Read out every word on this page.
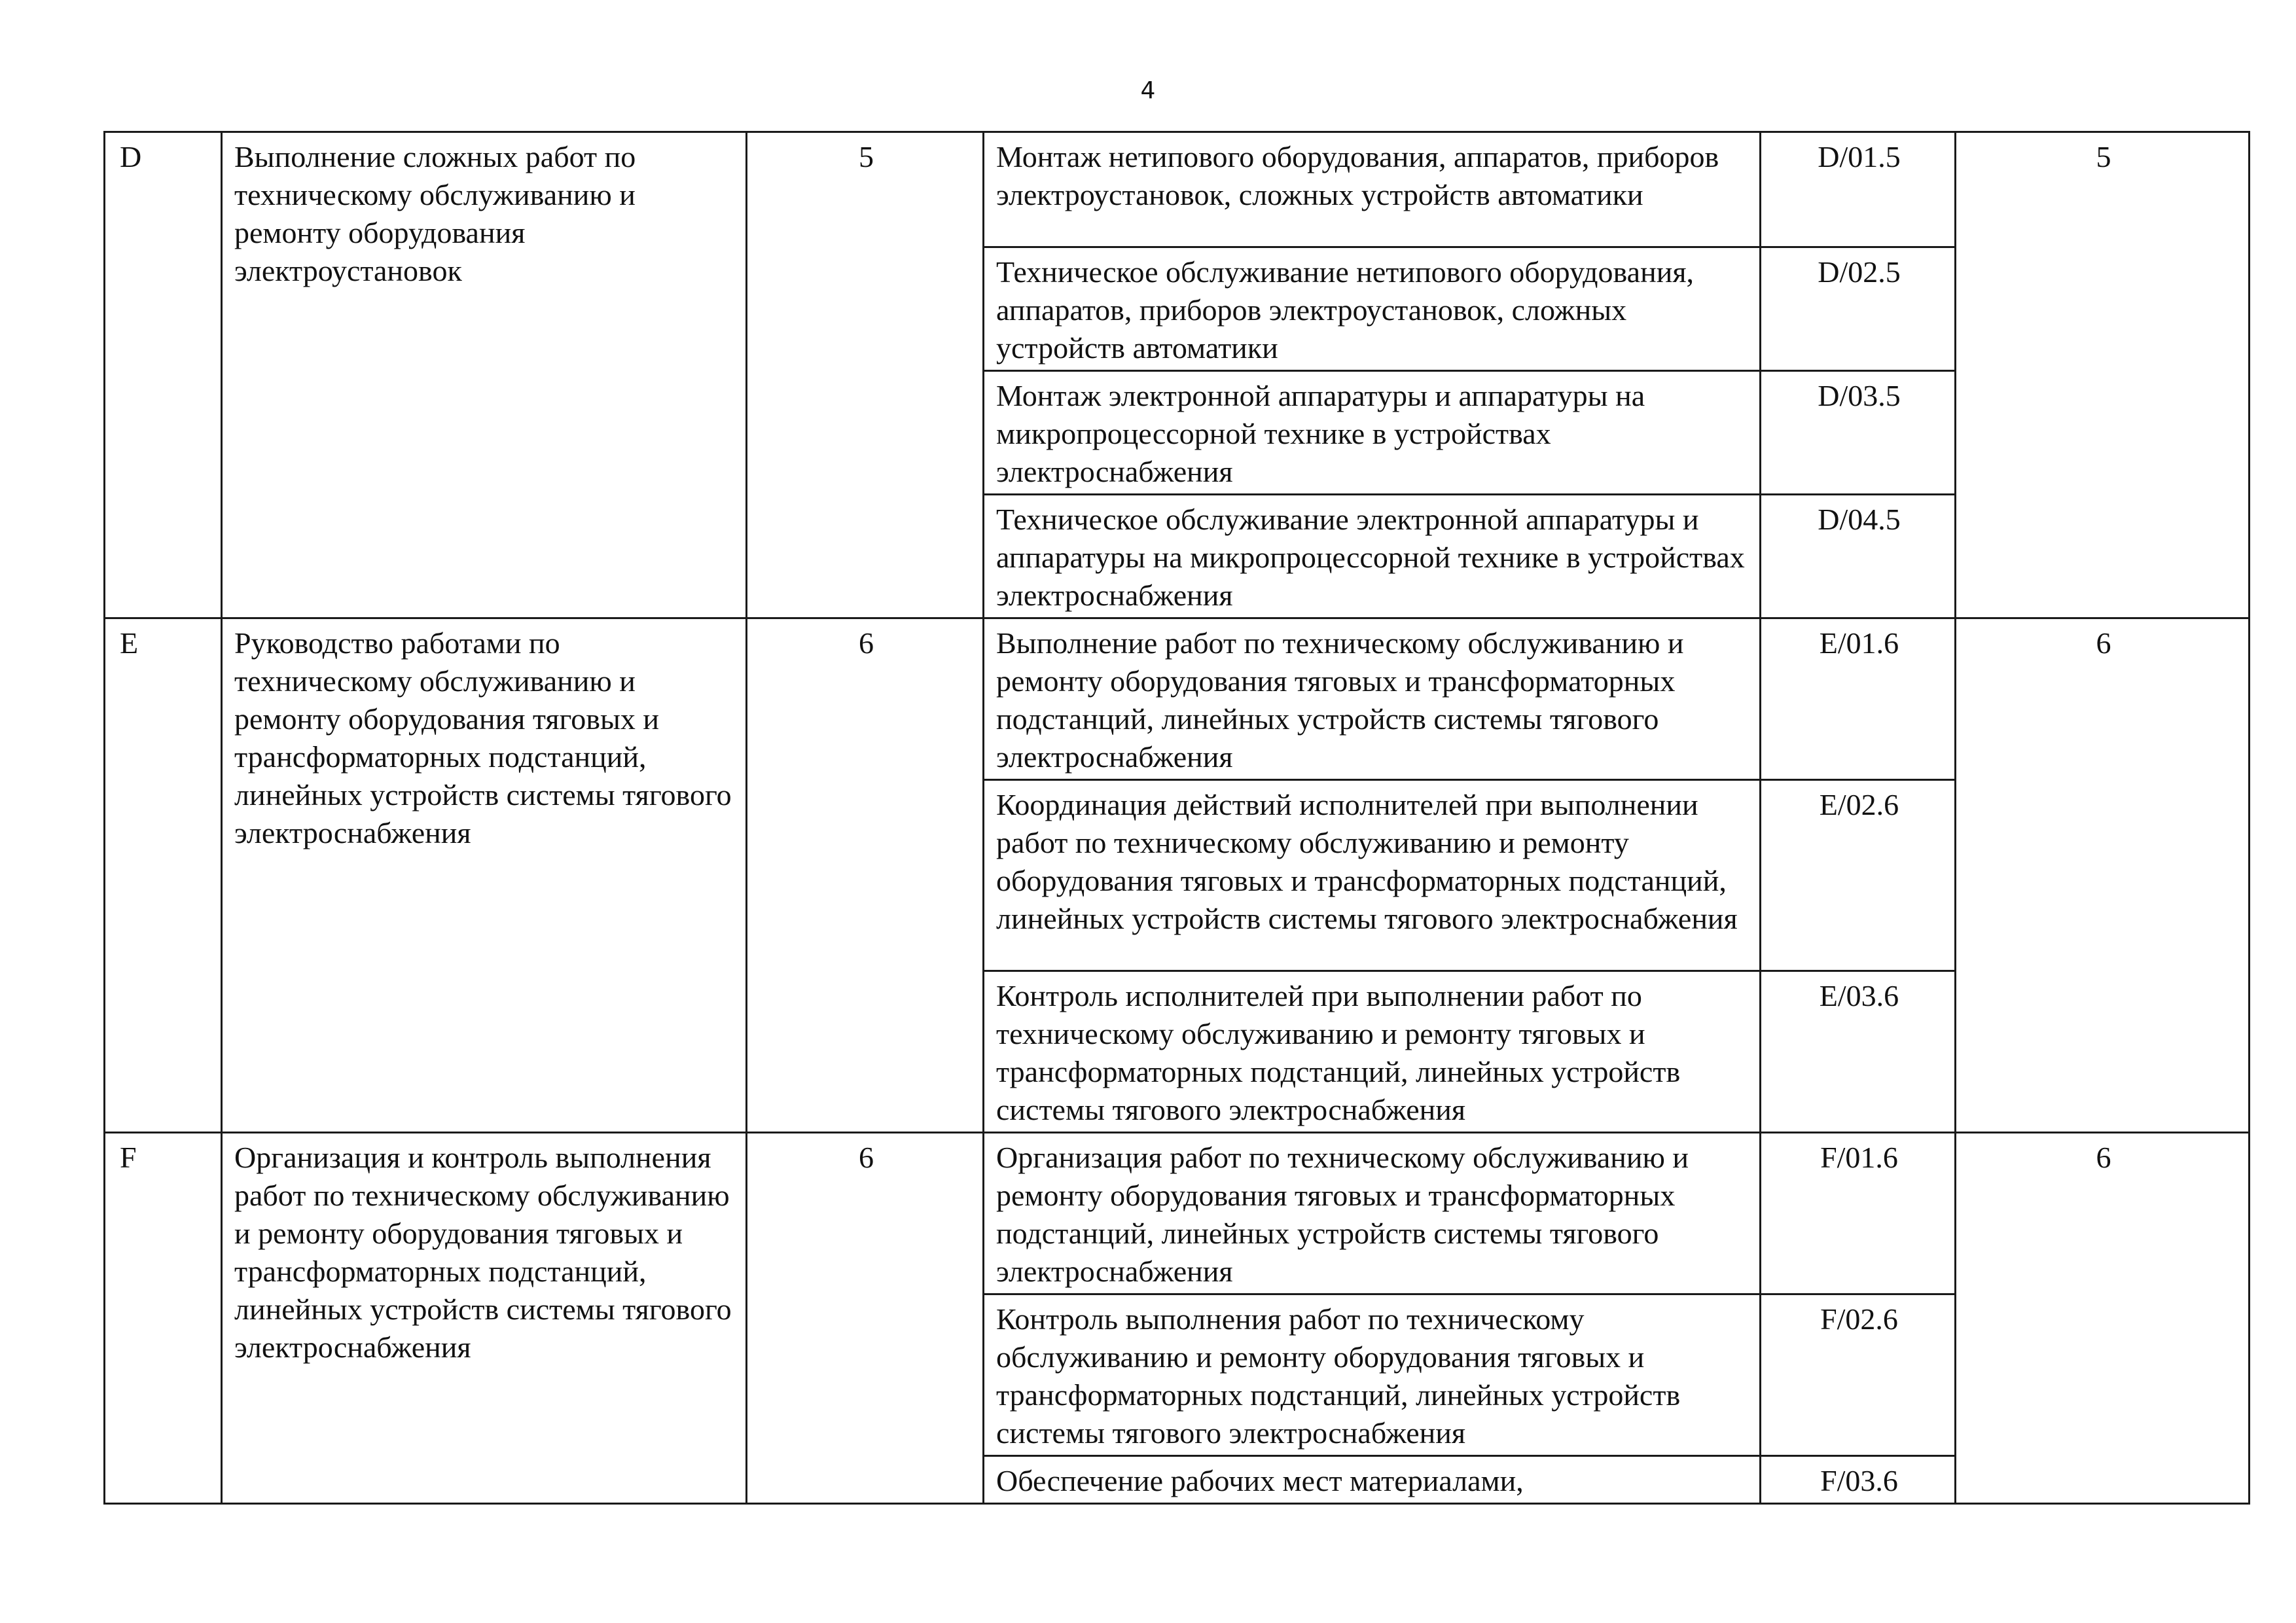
4
D	Выполнение сложных работ по техническому обслуживанию и ремонту оборудования электроустановок	5	Монтаж нетипового оборудования, аппаратов, приборов электроустановок, сложных устройств автоматики	D/01.5	5
			Техническое обслуживание нетипового оборудования, аппаратов, приборов электроустановок, сложных устройств автоматики	D/02.5	
			Монтаж электронной аппаратуры и аппаратуры на микропроцессорной технике в устройствах электроснабжения	D/03.5	
			Техническое обслуживание электронной аппаратуры и аппаратуры на микропроцессорной технике в устройствах электроснабжения	D/04.5	
E	Руководство работами по техническому обслуживанию и ремонту оборудования тяговых и трансформаторных подстанций, линейных устройств системы тягового электроснабжения	6	Выполнение работ по техническому обслуживанию и ремонту оборудования тяговых и трансформаторных подстанций, линейных устройств системы тягового электроснабжения	E/01.6	6
			Координация действий исполнителей при выполнении работ по техническому обслуживанию и ремонту оборудования тяговых и трансформаторных подстанций, линейных устройств системы тягового электроснабжения	E/02.6	
			Контроль исполнителей при выполнении работ по техническому обслуживанию и ремонту тяговых и трансформаторных подстанций, линейных устройств системы тягового электроснабжения	E/03.6	
F	Организация и контроль выполнения работ по техническому обслуживанию и ремонту оборудования тяговых и трансформаторных подстанций, линейных устройств системы тягового электроснабжения	6	Организация работ по техническому обслуживанию и ремонту оборудования тяговых и трансформаторных подстанций, линейных устройств системы тягового электроснабжения	F/01.6	6
			Контроль выполнения работ по техническому обслуживанию и ремонту оборудования тяговых и трансформаторных подстанций, линейных устройств системы тягового электроснабжения	F/02.6	
			Обеспечение рабочих мест материалами,	F/03.6	
